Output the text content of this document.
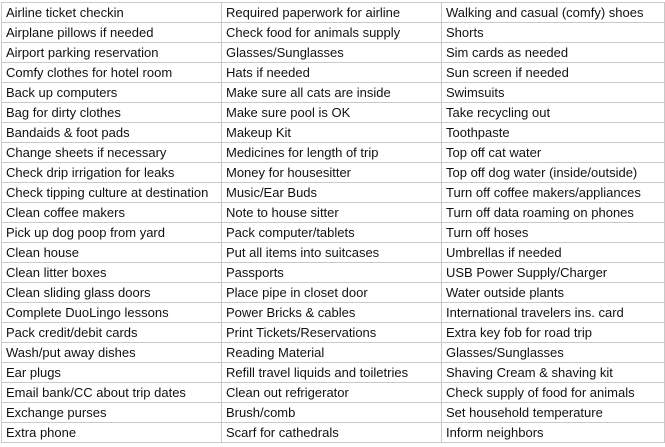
Airline ticket checkin	Required paperwork for airline	Walking and casual (comfy) shoes
Airplane pillows if needed	Check food for animals supply	Shorts
Airport parking reservation	Glasses/Sunglasses	Sim cards as needed
Comfy clothes for hotel room	Hats if needed	Sun screen if needed
Back up computers	Make sure all cats are inside	Swimsuits
Bag for dirty clothes	Make sure pool is OK	Take recycling out
Bandaids & foot pads	Makeup Kit	Toothpaste
Change sheets if necessary	Medicines for length of trip	Top off cat water
Check drip irrigation for leaks	Money for housesitter	Top off dog water (inside/outside)
Check tipping culture at destination	Music/Ear Buds	Turn off coffee makers/appliances
Clean coffee makers	Note to house sitter	Turn off data roaming on phones
Pick up dog poop from yard	Pack computer/tablets	Turn off hoses
Clean house	Put all items into suitcases	Umbrellas if needed
Clean litter boxes	Passports	USB Power Supply/Charger
Clean sliding glass doors	Place pipe in closet door	Water outside plants
Complete DuoLingo lessons	Power Bricks & cables	International travelers ins. card
Pack credit/debit cards	Print Tickets/Reservations	Extra key fob for road trip
Wash/put away dishes	Reading Material	Glasses/Sunglasses
Ear plugs	Refill travel liquids and toiletries	Shaving Cream & shaving kit
Email bank/CC about trip dates	Clean out refrigerator	Check supply of food for animals
Exchange purses	Brush/comb	Set household temperature
Extra phone	Scarf for cathedrals	Inform neighbors
